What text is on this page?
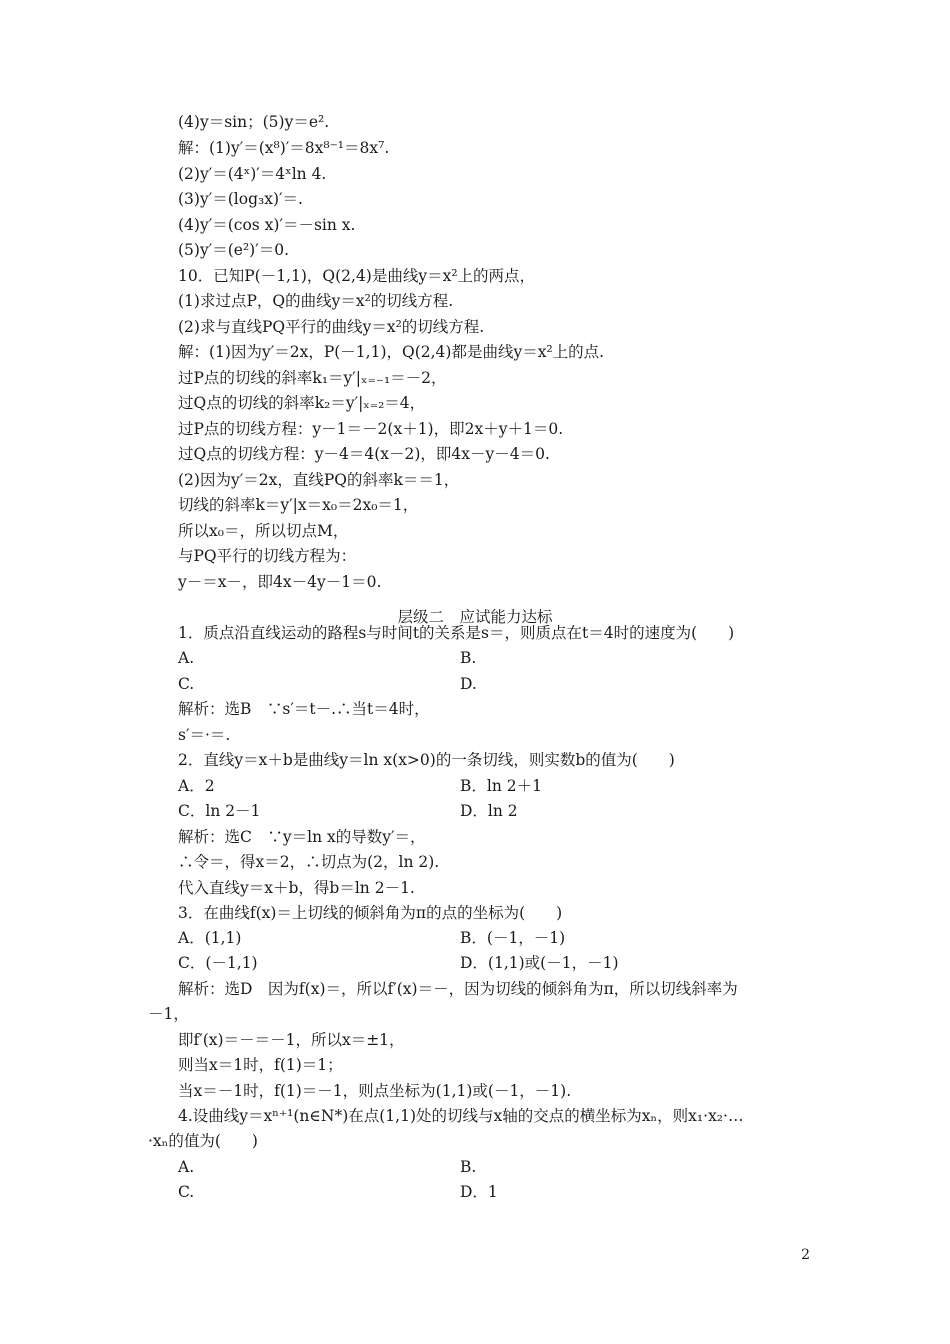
(4)y＝sin；(5)y＝e².
解：(1)y′＝(x⁸)′＝8x⁸⁻¹＝8x⁷.
(2)y′＝(4ˣ)′＝4ˣln 4.
(3)y′＝(log₃x)′＝.
(4)y′＝(cos x)′＝－sin x.
(5)y′＝(e²)′＝0.
10．已知P(－1,1)，Q(2,4)是曲线y＝x²上的两点，
(1)求过点P，Q的曲线y＝x²的切线方程.
(2)求与直线PQ平行的曲线y＝x²的切线方程.
解：(1)因为y′＝2x，P(－1,1)，Q(2,4)都是曲线y＝x²上的点.
过P点的切线的斜率k₁＝y′|ₓ₌₋₁＝－2，
过Q点的切线的斜率k₂＝y′|ₓ₌₂＝4，
过P点的切线方程：y－1＝－2(x＋1)，即2x＋y＋1＝0.
过Q点的切线方程：y－4＝4(x－2)，即4x－y－4＝0.
(2)因为y′＝2x，直线PQ的斜率k＝＝1，
切线的斜率k＝y′|x＝x₀＝2x₀＝1，
所以x₀＝，所以切点M，
与PQ平行的切线方程为：
y－＝x－，即4x－4y－1＝0.
1．质点沿直线运动的路程s与时间t的关系是s＝，则质点在t＝4时的速度为(　　)
A.
C.
解析：选B　∵s′＝t－.∴当t＝4时，
s′＝·＝.
2．直线y＝x＋b是曲线y＝ln x(x>0)的一条切线，则实数b的值为(　　)
A．2
C．ln 2－1
解析：选C　∵y＝ln x的导数y′＝，
∴令＝，得x＝2，∴切点为(2，ln 2).
代入直线y＝x＋b，得b＝ln 2－1.
3．在曲线f(x)＝上切线的倾斜角为π的点的坐标为(　　)
A．(1,1)
C．(－1,1)
解析：选D　因为f(x)＝，所以f′(x)＝－，因为切线的倾斜角为π，所以切线斜率为
－1，
即f′(x)＝－＝－1，所以x＝±1，
则当x＝1时，f(1)＝1；
当x＝－1时，f(1)＝－1，则点坐标为(1,1)或(－1，－1).
4.设曲线y＝xⁿ⁺¹(n∈N*)在点(1,1)处的切线与x轴的交点的横坐标为xₙ，则x₁·x₂·…
·xₙ的值为(　　)
A.
C.
B.
D.
B．ln 2＋1
D．ln 2
B．(－1，－1)
D．(1,1)或(－1，－1)
B.
D．1
层级二　应试能力达标
2
